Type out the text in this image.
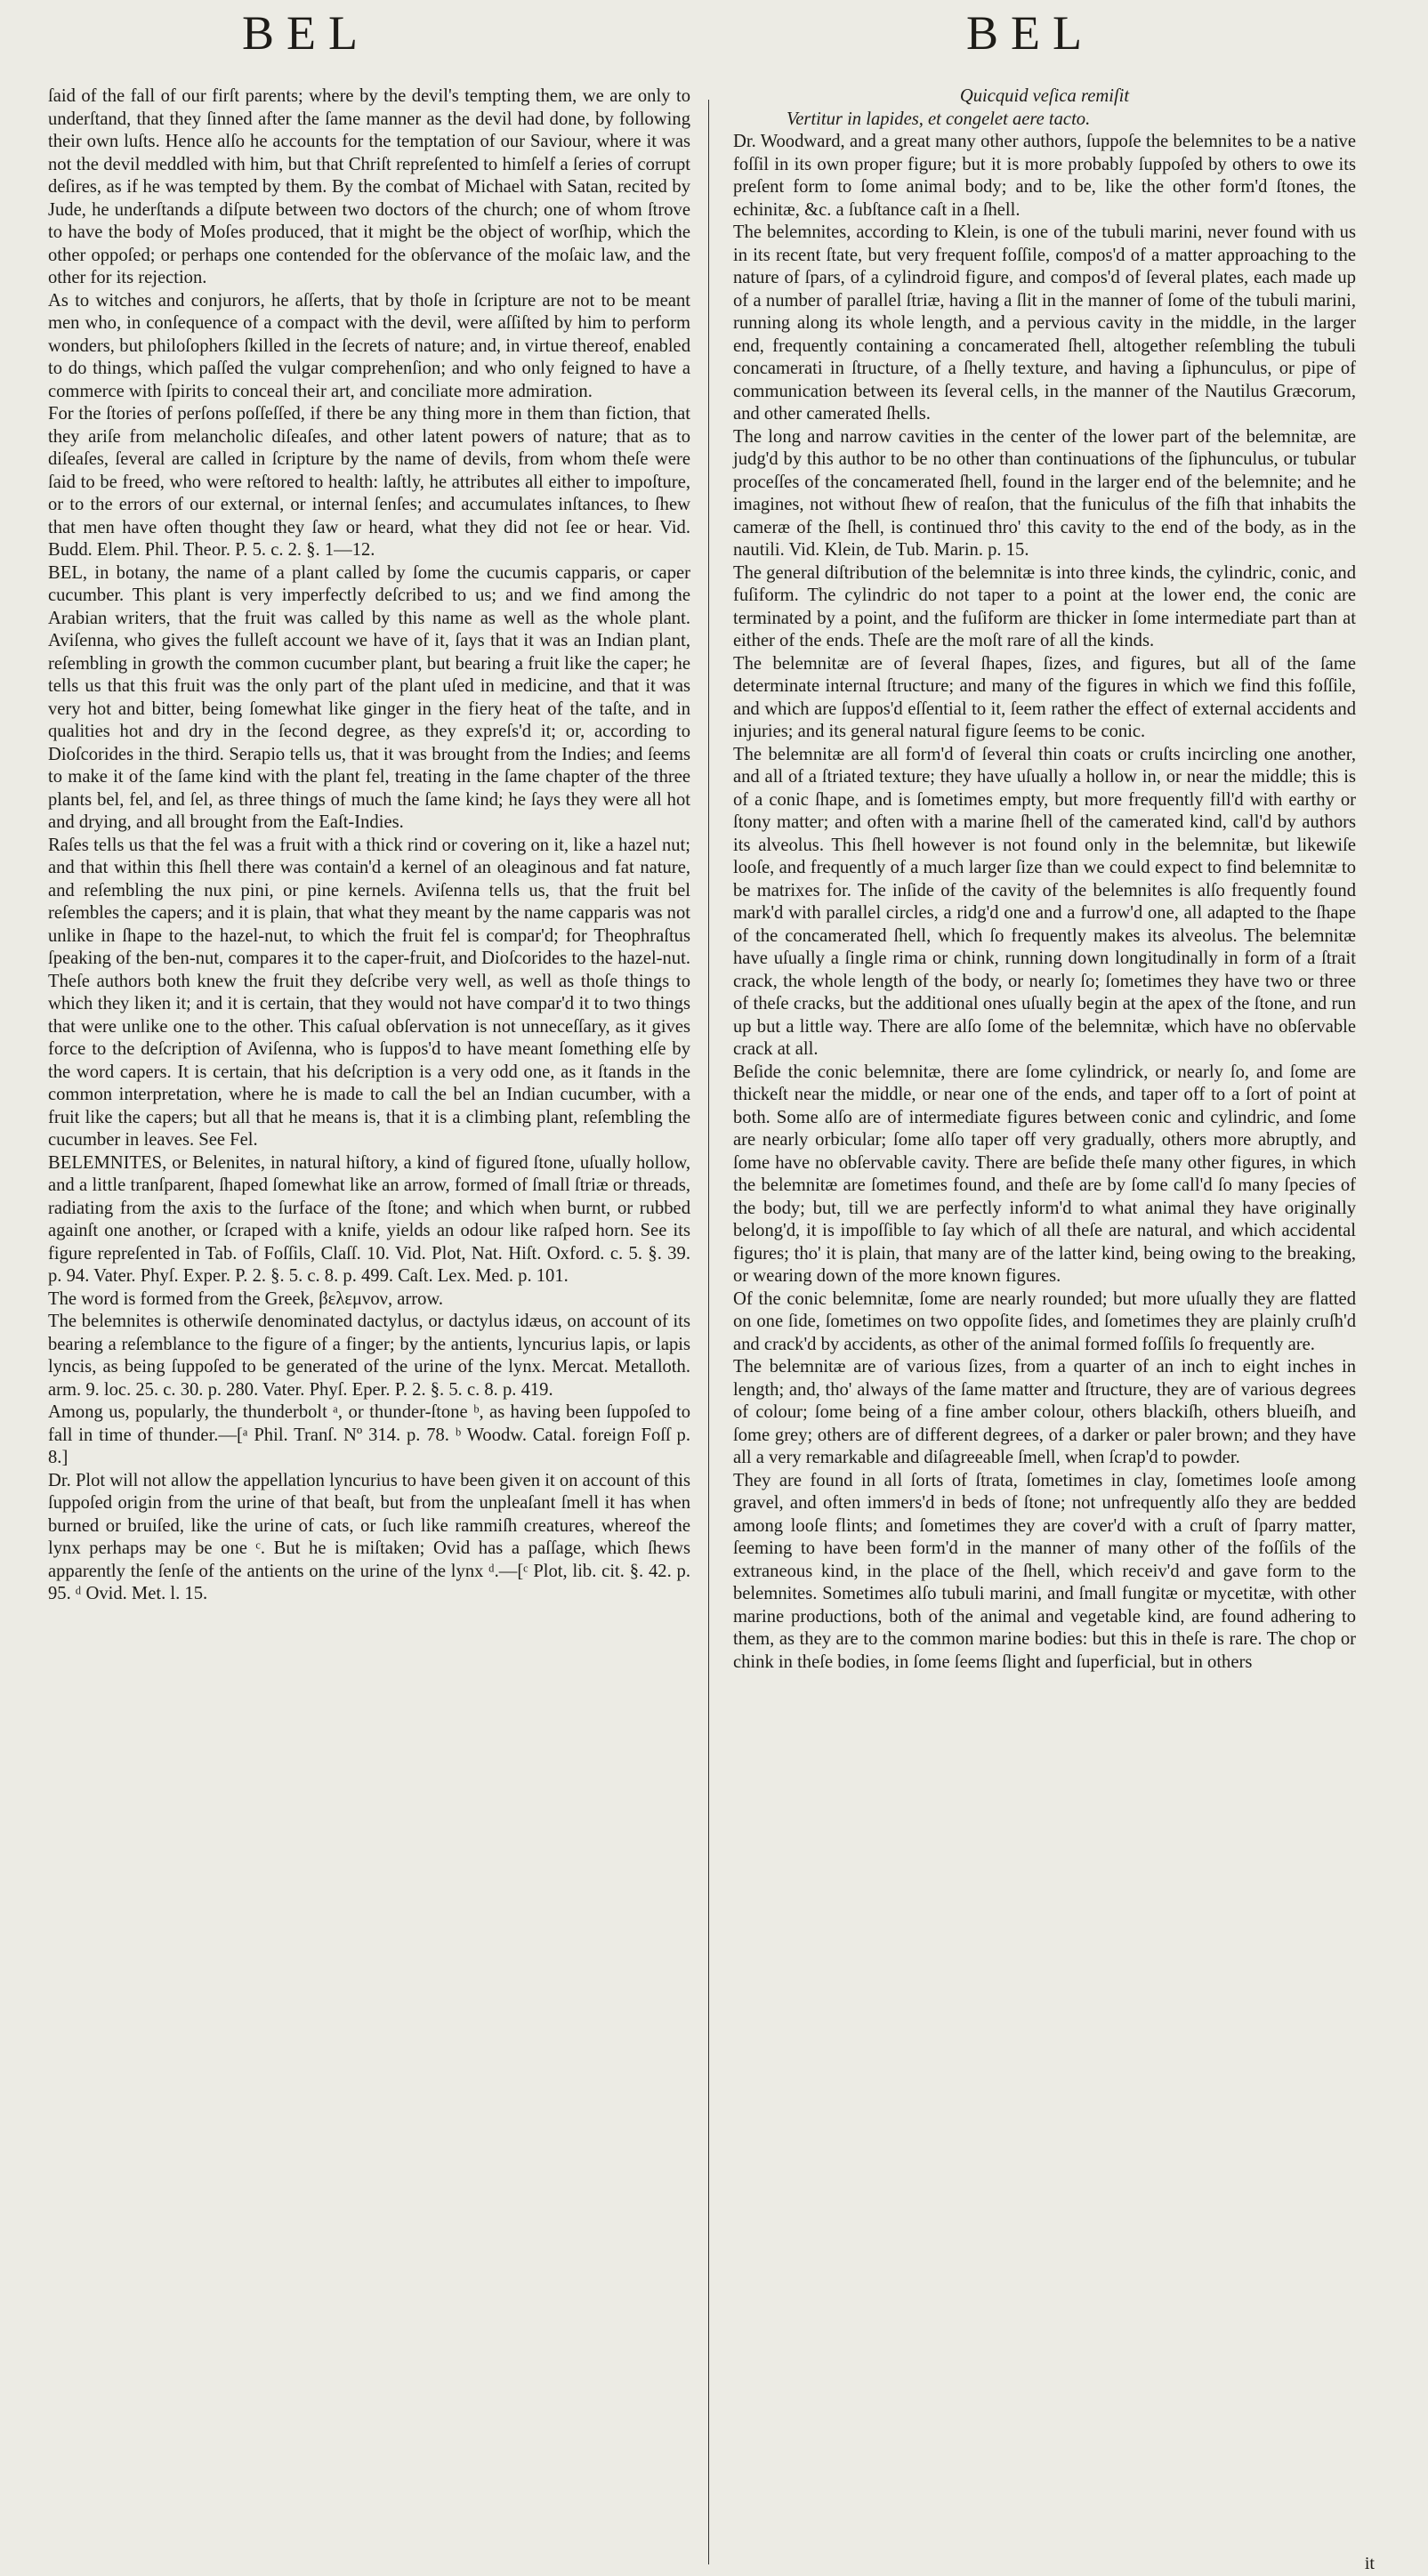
BEL	BEL

ſaid of the fall of our firſt parents; where by the devil's tempting them, we are only to underſtand, that they ſinned after the ſame manner as the devil had done, by following their own luſts. Hence alſo he accounts for the temptation of our Saviour, where it was not the devil meddled with him, but that Chriſt repreſented to himſelf a ſeries of corrupt deſires, as if he was tempted by them. By the combat of Michael with Satan, recited by Jude, he underſtands a diſpute between two doctors of the church; one of whom ſtrove to have the body of Moſes produced, that it might be the object of worſhip, which the other oppoſed; or perhaps one contended for the obſervance of the moſaic law, and the other for its rejection.

As to witches and conjurors, he aſſerts, that by thoſe in ſcripture are not to be meant men who, in conſequence of a compact with the devil, were aſſiſted by him to perform wonders, but philoſophers ſkilled in the ſecrets of nature; and, in virtue thereof, enabled to do things, which paſſed the vulgar comprehenſion; and who only feigned to have a commerce with ſpirits to conceal their art, and conciliate more admiration.

For the ſtories of perſons poſſeſſed, if there be any thing more in them than fiction, that they ariſe from melancholic diſeaſes, and other latent powers of nature; that as to diſeaſes, ſeveral are called in ſcripture by the name of devils, from whom theſe were ſaid to be freed, who were reſtored to health: laſtly, he attributes all either to impoſture, or to the errors of our external, or internal ſenſes; and accumulates inſtances, to ſhew that men have often thought they ſaw or heard, what they did not ſee or hear. Vid. Budd. Elem. Phil. Theor. P. 5. c. 2. §. 1—12.

BEL, in botany, the name of a plant called by ſome the cucumis capparis, or caper cucumber. This plant is very imperfectly deſcribed to us; and we find among the Arabian writers, that the fruit was called by this name as well as the whole plant. Aviſenna, who gives the fulleſt account we have of it, ſays that it was an Indian plant, reſembling in growth the common cucumber plant, but bearing a fruit like the caper; he tells us that this fruit was the only part of the plant uſed in medicine, and that it was very hot and bitter, being ſomewhat like ginger in the fiery heat of the taſte, and in qualities hot and dry in the ſecond degree, as they expreſs'd it; or, according to Dioſcorides in the third. Serapio tells us, that it was brought from the Indies; and ſeems to make it of the ſame kind with the plant fel, treating in the ſame chapter of the three plants bel, fel, and ſel, as three things of much the ſame kind; he ſays they were all hot and drying, and all brought from the Eaſt-Indies.

Raſes tells us that the fel was a fruit with a thick rind or covering on it, like a hazel nut; and that within this ſhell there was contain'd a kernel of an oleaginous and fat nature, and reſembling the nux pini, or pine kernels. Aviſenna tells us, that the fruit bel reſembles the capers; and it is plain, that what they meant by the name capparis was not unlike in ſhape to the hazel-nut, to which the fruit fel is compar'd; for Theophraſtus ſpeaking of the ben-nut, compares it to the caper-fruit, and Dioſcorides to the hazel-nut. Theſe authors both knew the fruit they deſcribe very well, as well as thoſe things to which they liken it; and it is certain, that they would not have compar'd it to two things that were unlike one to the other. This caſual obſervation is not unneceſſary, as it gives force to the deſcription of Aviſenna, who is ſuppos'd to have meant ſomething elſe by the word capers. It is certain, that his deſcription is a very odd one, as it ſtands in the common interpretation, where he is made to call the bel an Indian cucumber, with a fruit like the capers; but all that he means is, that it is a climbing plant, reſembling the cucumber in leaves. See Fel.

BELEMNITES, or Belenites, in natural hiſtory, a kind of figured ſtone, uſually hollow, and a little tranſparent, ſhaped ſomewhat like an arrow, formed of ſmall ſtriæ or threads, radiating from the axis to the ſurface of the ſtone; and which when burnt, or rubbed againſt one another, or ſcraped with a knife, yields an odour like raſped horn. See its figure repreſented in Tab. of Foſſils, Claſſ. 10. Vid. Plot, Nat. Hiſt. Oxford. c. 5. §. 39. p. 94. Vater. Phyſ. Exper. P. 2. §. 5. c. 8. p. 499. Caſt. Lex. Med. p. 101.

The word is formed from the Greek, βελεμνον, arrow.

The belemnites is otherwiſe denominated dactylus, or dactylus idæus, on account of its bearing a reſemblance to the figure of a finger; by the antients, lyncurius lapis, or lapis lyncis, as being ſuppoſed to be generated of the urine of the lynx. Mercat. Metalloth. arm. 9. loc. 25. c. 30. p. 280. Vater. Phyſ. Eper. P. 2. §. 5. c. 8. p. 419.

Among us, popularly, the thunderbolt ᵃ, or thunder-ſtone ᵇ, as having been ſuppoſed to fall in time of thunder.—[ᵃ Phil. Tranſ. Nº 314. p. 78. ᵇ Woodw. Catal. foreign Foſſ p. 8.]

Dr. Plot will not allow the appellation lyncurius to have been given it on account of this ſuppoſed origin from the urine of that beaſt, but from the unpleaſant ſmell it has when burned or bruiſed, like the urine of cats, or ſuch like rammiſh creatures, whereof the lynx perhaps may be one ᶜ. But he is miſtaken; Ovid has a paſſage, which ſhews apparently the ſenſe of the antients on the urine of the lynx ᵈ.—[ᶜ Plot, lib. cit. §. 42. p. 95. ᵈ Ovid. Met. l. 15.

Quicquid veſica remiſit

Vertitur in lapides, et congelet aere tacto.

Dr. Woodward, and a great many other authors, ſuppoſe the belemnites to be a native foſſil in its own proper figure; but it is more probably ſuppoſed by others to owe its preſent form to ſome animal body; and to be, like the other form'd ſtones, the echinitæ, &c. a ſubſtance caſt in a ſhell.

The belemnites, according to Klein, is one of the tubuli marini, never found with us in its recent ſtate, but very frequent foſſile, compos'd of a matter approaching to the nature of ſpars, of a cylindroid figure, and compos'd of ſeveral plates, each made up of a number of parallel ſtriæ, having a ſlit in the manner of ſome of the tubuli marini, running along its whole length, and a pervious cavity in the middle, in the larger end, frequently containing a concamerated ſhell, altogether reſembling the tubuli concamerati in ſtructure, of a ſhelly texture, and having a ſiphunculus, or pipe of communication between its ſeveral cells, in the manner of the Nautilus Græcorum, and other camerated ſhells.

The long and narrow cavities in the center of the lower part of the belemnitæ, are judg'd by this author to be no other than continuations of the ſiphunculus, or tubular proceſſes of the concamerated ſhell, found in the larger end of the belemnite; and he imagines, not without ſhew of reaſon, that the funiculus of the fiſh that inhabits the cameræ of the ſhell, is continued thro' this cavity to the end of the body, as in the nautili. Vid. Klein, de Tub. Marin. p. 15.

The general diſtribution of the belemnitæ is into three kinds, the cylindric, conic, and fuſiform. The cylindric do not taper to a point at the lower end, the conic are terminated by a point, and the fuſiform are thicker in ſome intermediate part than at either of the ends. Theſe are the moſt rare of all the kinds.

The belemnitæ are of ſeveral ſhapes, ſizes, and figures, but all of the ſame determinate internal ſtructure; and many of the figures in which we find this foſſile, and which are ſuppos'd eſſential to it, ſeem rather the effect of external accidents and injuries; and its general natural figure ſeems to be conic.

The belemnitæ are all form'd of ſeveral thin coats or cruſts incircling one another, and all of a ſtriated texture; they have uſually a hollow in, or near the middle; this is of a conic ſhape, and is ſometimes empty, but more frequently fill'd with earthy or ſtony matter; and often with a marine ſhell of the camerated kind, call'd by authors its alveolus. This ſhell however is not found only in the belemnitæ, but likewiſe looſe, and frequently of a much larger ſize than we could expect to find belemnitæ to be matrixes for. The inſide of the cavity of the belemnites is alſo frequently found mark'd with parallel circles, a ridg'd one and a furrow'd one, all adapted to the ſhape of the concamerated ſhell, which ſo frequently makes its alveolus. The belemnitæ have uſually a ſingle rima or chink, running down longitudinally in form of a ſtrait crack, the whole length of the body, or nearly ſo; ſometimes they have two or three of theſe cracks, but the additional ones uſually begin at the apex of the ſtone, and run up but a little way. There are alſo ſome of the belemnitæ, which have no obſervable crack at all.

Beſide the conic belemnitæ, there are ſome cylindrick, or nearly ſo, and ſome are thickeſt near the middle, or near one of the ends, and taper off to a ſort of point at both. Some alſo are of intermediate figures between conic and cylindric, and ſome are nearly orbicular; ſome alſo taper off very gradually, others more abruptly, and ſome have no obſervable cavity. There are beſide theſe many other figures, in which the belemnitæ are ſometimes found, and theſe are by ſome call'd ſo many ſpecies of the body; but, till we are perfectly inform'd to what animal they have originally belong'd, it is impoſſible to ſay which of all theſe are natural, and which accidental figures; tho' it is plain, that many are of the latter kind, being owing to the breaking, or wearing down of the more known figures.

Of the conic belemnitæ, ſome are nearly rounded; but more uſually they are flatted on one ſide, ſometimes on two oppoſite ſides, and ſometimes they are plainly cruſh'd and crack'd by accidents, as other of the animal formed foſſils ſo frequently are.

The belemnitæ are of various ſizes, from a quarter of an inch to eight inches in length; and, tho' always of the ſame matter and ſtructure, they are of various degrees of colour; ſome being of a fine amber colour, others blackiſh, others blueiſh, and ſome grey; others are of different degrees, of a darker or paler brown; and they have all a very remarkable and diſagreeable ſmell, when ſcrap'd to powder.

They are found in all ſorts of ſtrata, ſometimes in clay, ſometimes looſe among gravel, and often immers'd in beds of ſtone; not unfrequently alſo they are bedded among looſe flints; and ſometimes they are cover'd with a cruſt of ſparry matter, ſeeming to have been form'd in the manner of many other of the foſſils of the extraneous kind, in the place of the ſhell, which receiv'd and gave form to the belemnites. Sometimes alſo tubuli marini, and ſmall fungitæ or mycetitæ, with other marine productions, both of the animal and vegetable kind, are found adhering to them, as they are to the common marine bodies: but this in theſe is rare. The chop or chink in theſe bodies, in ſome ſeems ſlight and ſuperficial, but in others

it
